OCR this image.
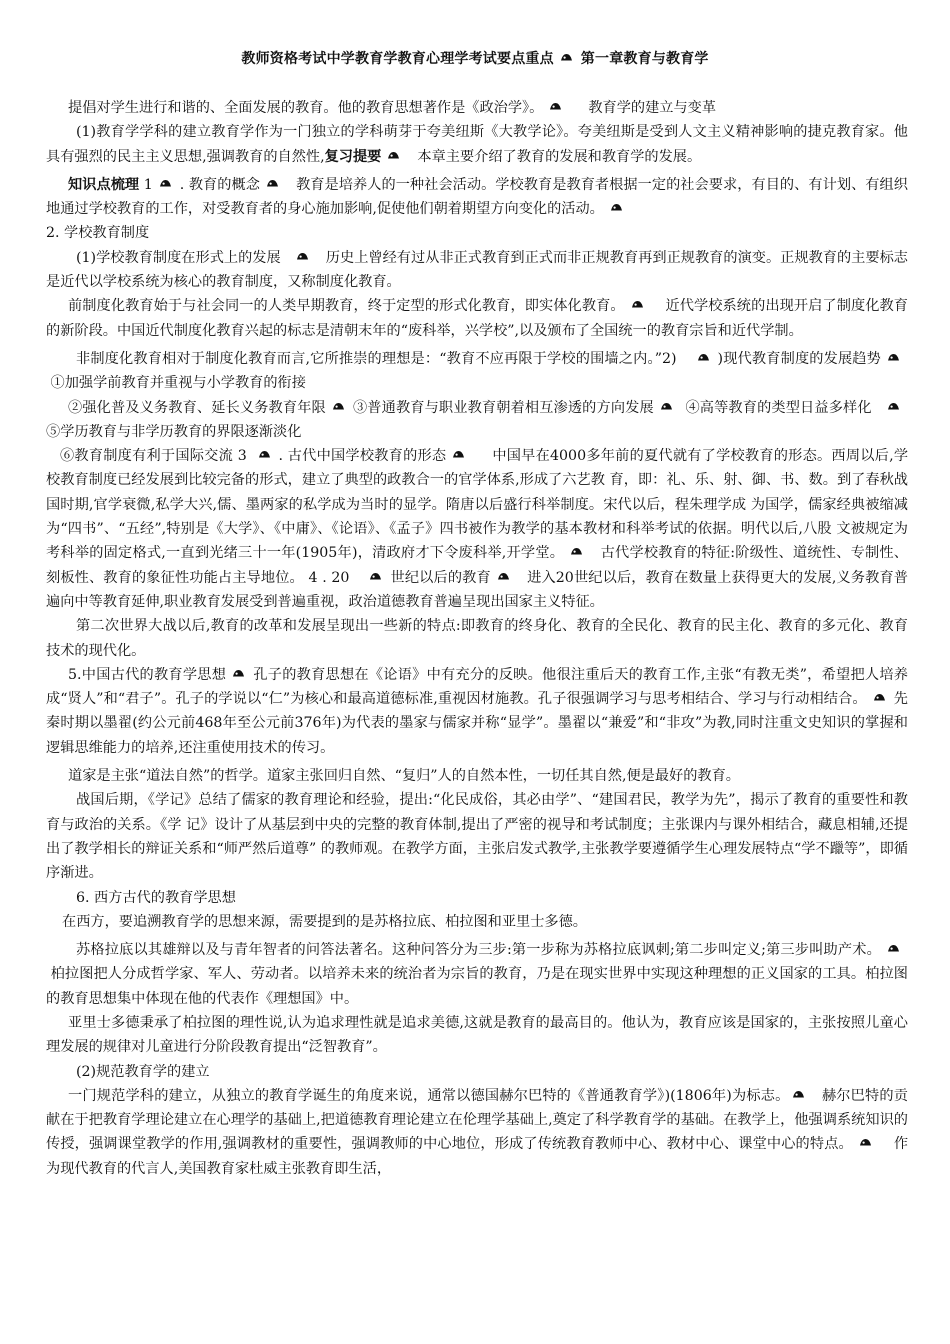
教师资格考试中学教育学教育心理学考试要点重点 第一章教育与教育学

提倡对学生进行和谐的、全面发展的教育。他的教育思想著作是《政治学》。	教育学的建立与变革

(1)教育学学科的建立教育学作为一门独立的学科萌芽于夸美纽斯《大教学论》。夸美纽斯是受到人文主义精神影响的捷克教育家。他具有强烈的民主主义思想,强调教育的自然性,复习提要	本章主要介绍了教育的发展和教育学的发展。

知识点梳理 1 . 教育的概念	教育是培养人的一种社会活动。学校教育是教育者根据一定的社会要求，有目的、有计划、有组织地通过学校教育的工作，对受教育者的身心施加影响,促使他们朝着期望方向变化的活动。

2. 学校教育制度

(1)学校教育制度在形式上的发展	历史上曾经有过从非正式教育到正式而非正规教育再到正规教育的演变。正规教育的主要标志是近代以学校系统为核心的教育制度，又称制度化教育。

前制度化教育始于与社会同一的人类早期教育，终于定型的形式化教育，即实体化教育。	近代学校系统的出现开启了制度化教育的新阶段。中国近代制度化教育兴起的标志是清朝末年的“废科举，兴学校”,以及颁布了全国统一的教育宗旨和近代学制。

非制度化教育相对于制度化教育而言,它所推崇的理想是：“教育不应再限于学校的围墙之内。”2)	)现代教育制度的发展趋势
①加强学前教育并重视与小学教育的衔接

②强化普及义务教育、延长义务教育年限 ③普通教育与职业教育朝着相互渗透的方向发展 ④高等教育的类型日益多样化
⑤学历教育与非学历教育的界限逐渐淡化

⑥教育制度有利于国际交流 3 . 古代中国学校教育的形态	中国早在4000多年前的夏代就有了学校教育的形态。西周以后,学校教育制度已经发展到比较完备的形式，建立了典型的政教合一的官学体系,形成了六艺教 育，即：礼、乐、射、御、书、数。到了春秋战国时期,官学衰微,私学大兴,儒、墨两家的私学成为当时的显学。隋唐以后盛行科举制度。宋代以后，程朱理学成 为国学，儒家经典被缩减为“四书”、“五经”,特别是《大学》、《中庸》、《论语》、《孟子》四书被作为教学的基本教材和科举考试的依据。明代以后,八股 文被规定为考科举的固定格式,一直到光绪三十一年(1905年)，清政府才下令废科举,开学堂。	古代学校教育的特征:阶级性、道统性、专制性、刻板性、教育的象征性功能占主导地位。 4 . 20	世纪以后的教育	进入20世纪以后，教育在数量上获得更大的发展,义务教育普遍向中等教育延伸,职业教育发展受到普遍重视，政治道德教育普遍呈现出国家主义特征。

第二次世界大战以后,教育的改革和发展呈现出一些新的特点:即教育的终身化、教育的全民化、教育的民主化、教育的多元化、教育技术的现代化。

5.中国古代的教育学思想 孔子的教育思想在《论语》中有充分的反映。他很注重后天的教育工作,主张“有教无类”，希望把人培养成“贤人”和“君子”。孔子的学说以“仁”为核心和最高道德标准,重视因材施教。孔子很强调学习与思考相结合、学习与行动相结合。 先秦时期以墨翟(约公元前468年至公元前376年)为代表的墨家与儒家并称“显学”。墨翟以“兼爱”和“非攻”为教,同时注重文史知识的掌握和逻辑思维能力的培养,还注重使用技术的传习。

道家是主张“道法自然”的哲学。道家主张回归自然、“复归”人的自然本性，一切任其自然,便是最好的教育。

战国后期，《学记》总结了儒家的教育理论和经验，提出:“化民成俗，其必由学”、“建国君民，教学为先”，揭示了教育的重要性和教育与政治的关系。《学 记》设计了从基层到中央的完整的教育体制,提出了严密的视导和考试制度；主张课内与课外相结合，藏息相辅,还提出了教学相长的辩证关系和“师严然后道尊” 的教师观。在教学方面，主张启发式教学,主张教学要遵循学生心理发展特点“学不躐等”，即循序渐进。

6. 西方古代的教育学思想

在西方，要追溯教育学的思想来源，需要提到的是苏格拉底、柏拉图和亚里士多德。

苏格拉底以其雄辩以及与青年智者的问答法著名。这种问答分为三步:第一步称为苏格拉底讽刺;第二步叫定义;第三步叫助产术。
柏拉图把人分成哲学家、军人、劳动者。以培养未来的统治者为宗旨的教育，乃是在现实世界中实现这种理想的正义国家的工具。柏拉图的教育思想集中体现在他的代表作《理想国》中。

亚里士多德秉承了柏拉图的理性说,认为追求理性就是追求美德,这就是教育的最高目的。他认为，教育应该是国家的，主张按照儿童心理发展的规律对儿童进行分阶段教育提出“泛智教育”。

(2)规范教育学的建立

一门规范学科的建立，从独立的教育学诞生的角度来说，通常以德国赫尔巴特的《普通教育学》)(1806年)为标志。 赫尔巴特的贡献在于把教育学理论建立在心理学的基础上,把道德教育理论建立在伦理学基础上,奠定了科学教育学的基础。在教学上，他强调系统知识的传授，强调课堂教学的作用,强调教材的重要性，强调教师的中心地位，形成了传统教育教师中心、教材中心、课堂中心的特点。	作为现代教育的代言人,美国教育家杜威主张教育即生活，
